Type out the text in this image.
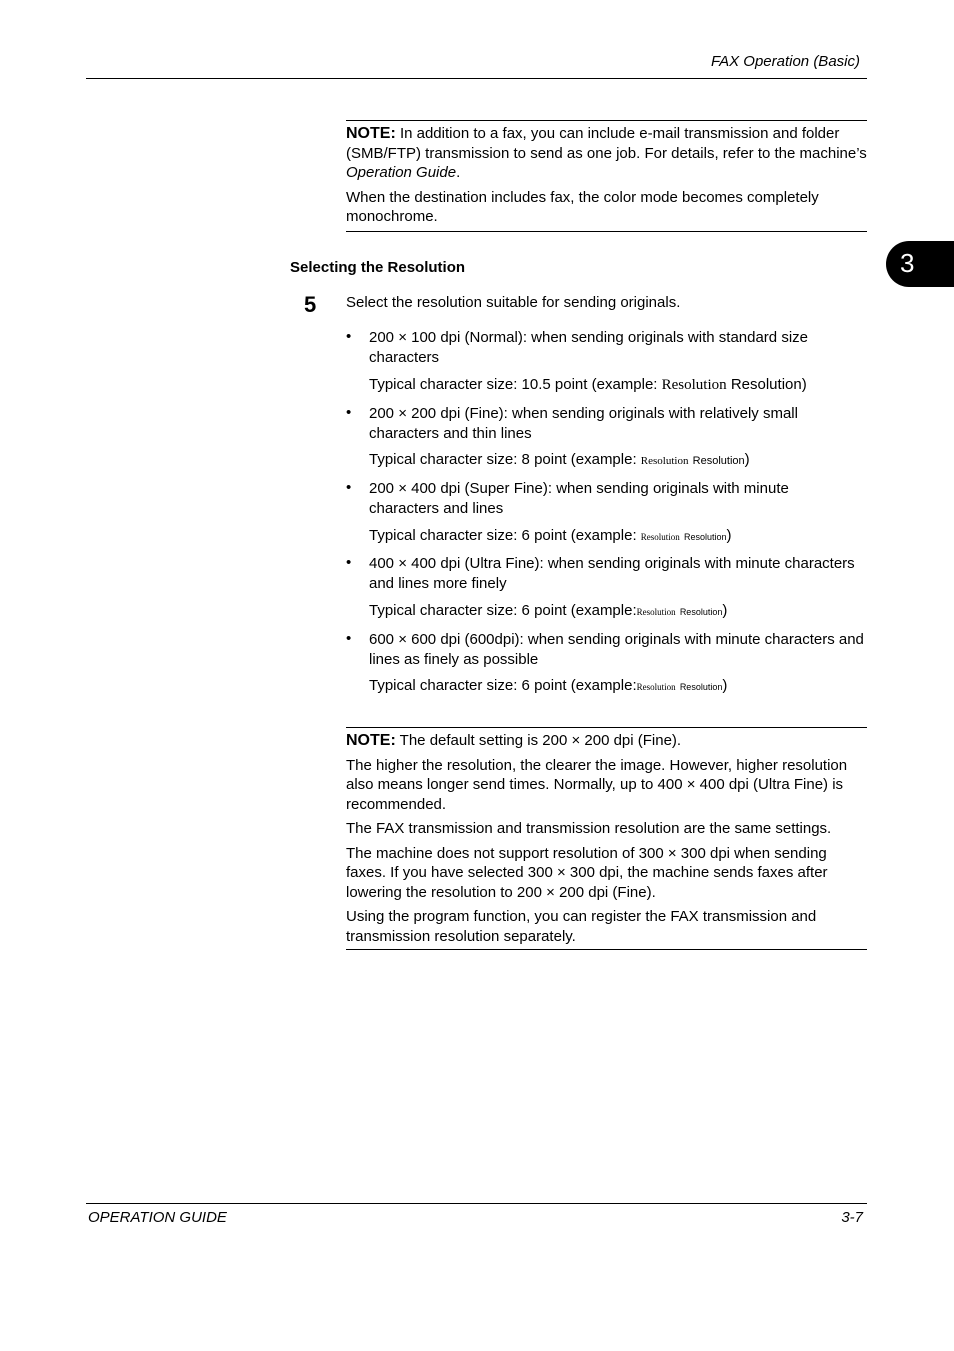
FAX Operation (Basic)
3

NOTE: In addition to a fax, you can include e-mail transmission and folder (SMB/FTP) transmission to send as one job. For details, refer to the machine’s Operation Guide.

When the destination includes fax, the color mode becomes completely monochrome.

Selecting the Resolution
5 Select the resolution suitable for sending originals.
• 200 × 100 dpi (Normal): when sending originals with standard size characters
Typical character size: 10.5 point (example: Resolution Resolution)
• 200 × 200 dpi (Fine): when sending originals with relatively small characters and thin lines
Typical character size: 8 point (example: Resolution Resolution)
• 200 × 400 dpi (Super Fine): when sending originals with minute characters and lines
Typical character size: 6 point (example: Resolution Resolution)
• 400 × 400 dpi (Ultra Fine): when sending originals with minute characters and lines more finely
Typical character size: 6 point (example:Resolution Resolution)
• 600 × 600 dpi (600dpi): when sending originals with minute characters and lines as finely as possible
Typical character size: 6 point (example:Resolution Resolution)

NOTE: The default setting is 200 × 200 dpi (Fine).

The higher the resolution, the clearer the image. However, higher resolution also means longer send times. Normally, up to 400 × 400 dpi (Ultra Fine) is recommended.

The FAX transmission and transmission resolution are the same settings.

The machine does not support resolution of 300 × 300 dpi when sending faxes. If you have selected 300 × 300 dpi, the machine sends faxes after lowering the resolution to 200 × 200 dpi (Fine).

Using the program function, you can register the FAX transmission and transmission resolution separately.

OPERATION GUIDE	3-7
